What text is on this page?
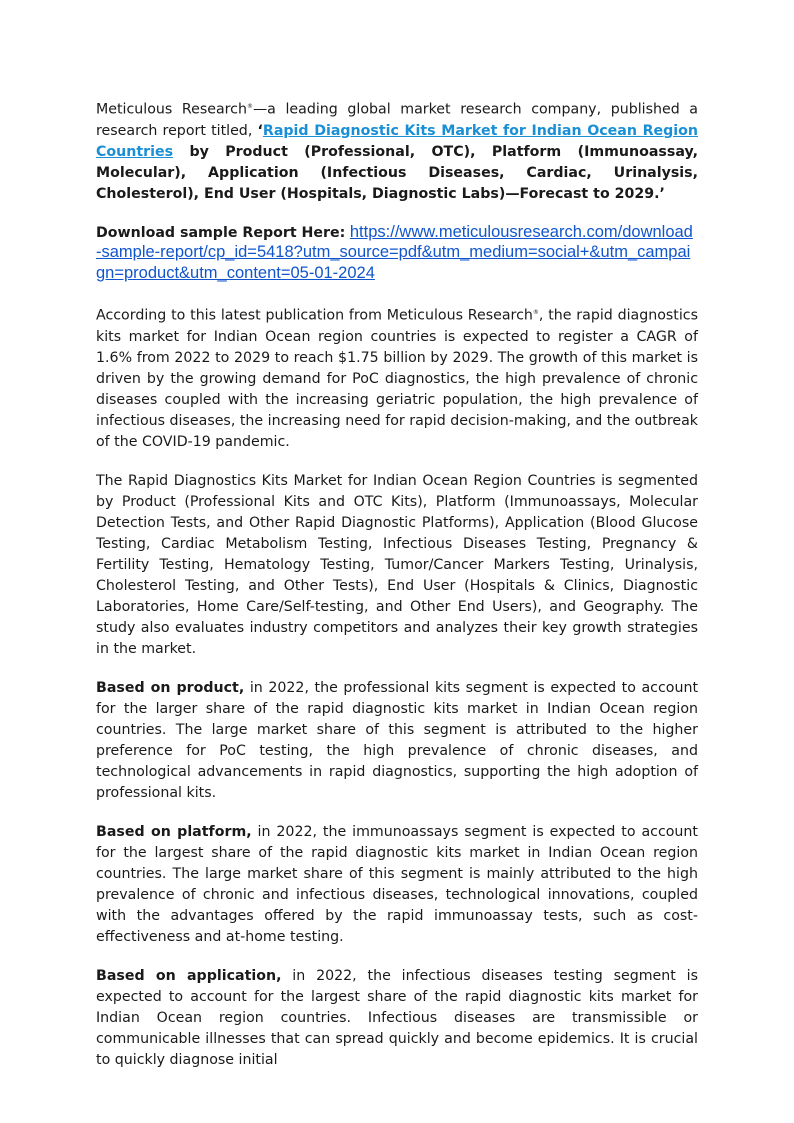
Meticulous Research®—a leading global market research company, published a research report titled, ‘Rapid Diagnostic Kits Market for Indian Ocean Region Countries by Product (Professional, OTC), Platform (Immunoassay, Molecular), Application (Infectious Diseases, Cardiac, Urinalysis, Cholesterol), End User (Hospitals, Diagnostic Labs)—Forecast to 2029.’

Download sample Report Here: https://www.meticulousresearch.com/download-sample-report/cp_id=5418?utm_source=pdf&utm_medium=social+&utm_campaign=product&utm_content=05-01-2024

According to this latest publication from Meticulous Research®, the rapid diagnostics kits market for Indian Ocean region countries is expected to register a CAGR of 1.6% from 2022 to 2029 to reach $1.75 billion by 2029. The growth of this market is driven by the growing demand for PoC diagnostics, the high prevalence of chronic diseases coupled with the increasing geriatric population, the high prevalence of infectious diseases, the increasing need for rapid decision-making, and the outbreak of the COVID-19 pandemic.

The Rapid Diagnostics Kits Market for Indian Ocean Region Countries is segmented by Product (Professional Kits and OTC Kits), Platform (Immunoassays, Molecular Detection Tests, and Other Rapid Diagnostic Platforms), Application (Blood Glucose Testing, Cardiac Metabolism Testing, Infectious Diseases Testing, Pregnancy & Fertility Testing, Hematology Testing, Tumor/Cancer Markers Testing, Urinalysis, Cholesterol Testing, and Other Tests), End User (Hospitals & Clinics, Diagnostic Laboratories, Home Care/Self-testing, and Other End Users), and Geography. The study also evaluates industry competitors and analyzes their key growth strategies in the market.

Based on product, in 2022, the professional kits segment is expected to account for the larger share of the rapid diagnostic kits market in Indian Ocean region countries. The large market share of this segment is attributed to the higher preference for PoC testing, the high prevalence of chronic diseases, and technological advancements in rapid diagnostics, supporting the high adoption of professional kits.

Based on platform, in 2022, the immunoassays segment is expected to account for the largest share of the rapid diagnostic kits market in Indian Ocean region countries. The large market share of this segment is mainly attributed to the high prevalence of chronic and infectious diseases, technological innovations, coupled with the advantages offered by the rapid immunoassay tests, such as cost-effectiveness and at-home testing.

Based on application, in 2022, the infectious diseases testing segment is expected to account for the largest share of the rapid diagnostic kits market for Indian Ocean region countries. Infectious diseases are transmissible or communicable illnesses that can spread quickly and become epidemics. It is crucial to quickly diagnose initial
